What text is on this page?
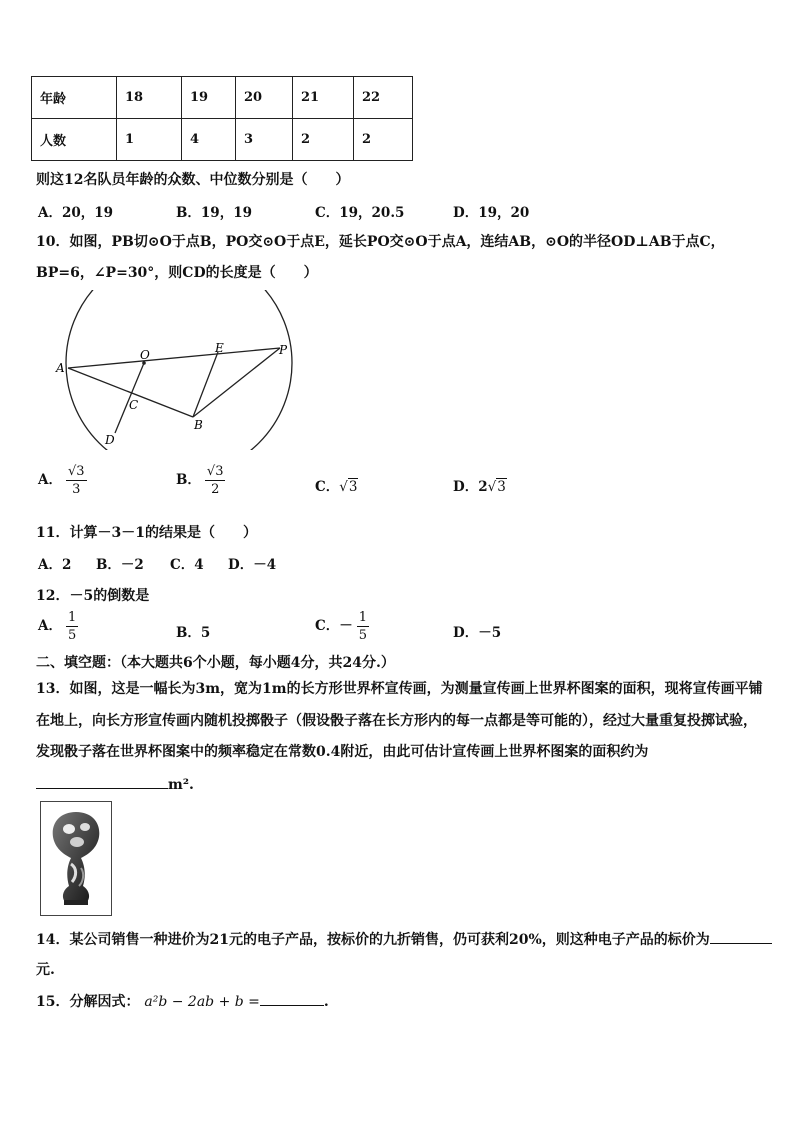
年龄	18	19	20	21	22
人数	1	4	3	2	2
则这12名队员年龄的众数、中位数分别是（　　）
A．20，19	B．19，19	C．19，20.5	D．19，20
10．如图，PB切⊙O于点B，PO交⊙O于点E，延长PO交⊙O于点A，连结AB，⊙O的半径OD⊥AB于点C，
BP=6，∠P=30°，则CD的长度是（　　）
A
O	E	P
C
B
D
A． $\frac{√3}{3}$	B． $\frac{√3}{2}$	C．√3	D．2√3
11．计算－3－1的结果是（　　）
A．2 B．－2 C．4 D．－4
12．－5的倒数是
A． $\frac{1}{5}$	B．5	C．－ $\frac{1}{5}$	D．－5
二、填空题：（本大题共6个小题，每小题4分，共24分.）
13．如图，这是一幅长为3m，宽为1m的长方形世界杯宣传画，为测量宣传画上世界杯图案的面积，现将宣传画平铺
在地上，向长方形宣传画内随机投掷骰子（假设骰子落在长方形内的每一点都是等可能的），经过大量重复投掷试验，
发现骰子落在世界杯图案中的频率稳定在常数0.4附近，由此可估计宣传画上世界杯图案的面积约为
m².
14．某公司销售一种进价为21元的电子产品，按标价的九折销售，仍可获利20%，则这种电子产品的标价为
元.
15．分解因式： a²b − 2ab + b =	.
